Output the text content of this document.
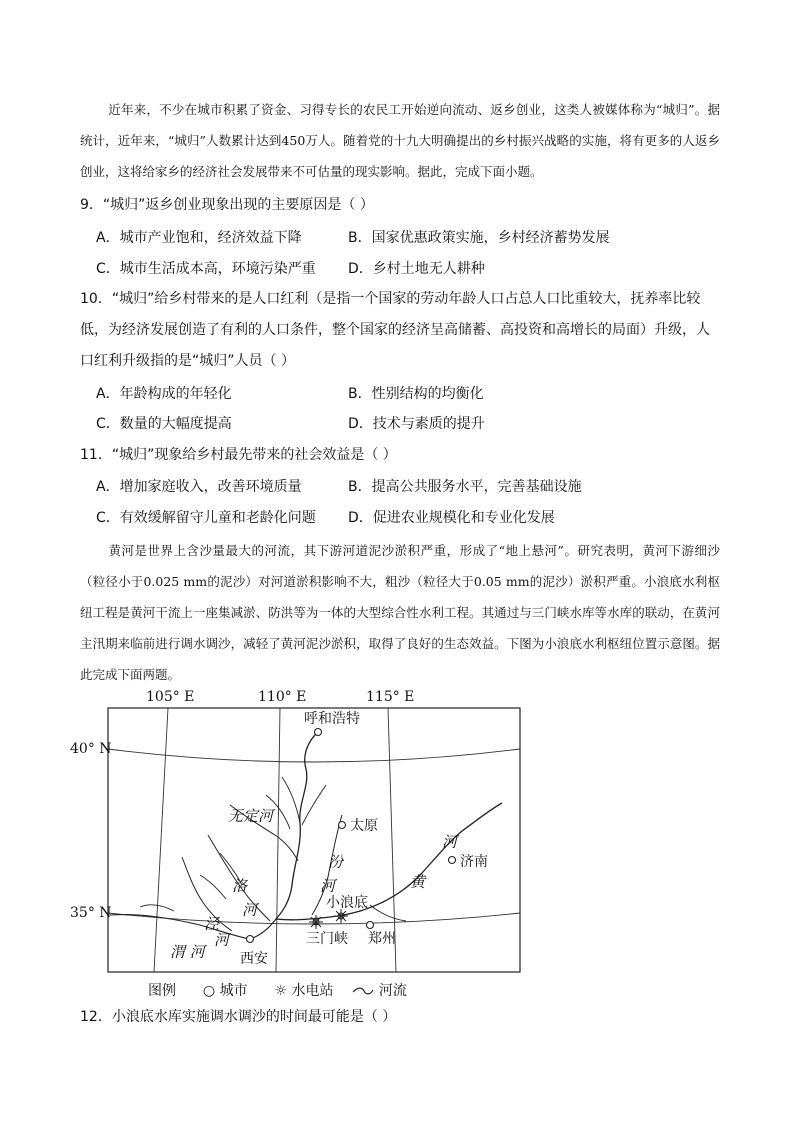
近年来，不少在城市积累了资金、习得专长的农民工开始逆向流动、返乡创业，这类人被媒体称为“城归”。据统计，近年来，“城归”人数累计达到450万人。随着党的十九大明确提出的乡村振兴战略的实施，将有更多的人返乡创业，这将给家乡的经济社会发展带来不可估量的现实影响。据此，完成下面小题。
9．“城归”返乡创业现象出现的主要原因是（ ）
A．城市产业饱和，经济效益下降	B．国家优惠政策实施，乡村经济蓄势发展
C．城市生活成本高，环境污染严重 D．乡村土地无人耕种
10．“城归”给乡村带来的是人口红利（是指一个国家的劳动年龄人口占总人口比重较大，抚养率比较低，为经济发展创造了有利的人口条件，整个国家的经济呈高储蓄、高投资和高增长的局面）升级，人口红利升级指的是“城归”人员（ ）
A．年龄构成的年轻化	B．性别结构的均衡化
C．数量的大幅度提高	D．技术与素质的提升
11．“城归”现象给乡村最先带来的社会效益是（ ）
A．增加家庭收入，改善环境质量	B．提高公共服务水平，完善基础设施
C．有效缓解留守儿童和老龄化问题 D．促进农业规模化和专业化发展
黄河是世界上含沙量最大的河流，其下游河道泥沙淤积严重，形成了“地上悬河”。研究表明，黄河下游细沙（粒径小于0.025 mm的泥沙）对河道淤积影响不大，粗沙（粒径大于0.05 mm的泥沙）淤积严重。小浪底水利枢纽工程是黄河干流上一座集减淤、防洪等为一体的大型综合性水利工程。其通过与三门峡水库等水库的联动，在黄河主汛期来临前进行调水调沙，减轻了黄河泥沙淤积，取得了良好的生态效益。下图为小浪底水利枢纽位置示意图。据此完成下面两题。
105° E	110° E	115° E
40° N
35° N
呼和浩特
太原
济南
小浪底
三门峡 郑州
西安
无定河
汾
河
洛
河
泾
河
渭 河
河
黄
图例 ○ 城市 ☼ 水电站	河流
12．小浪底水库实施调水调沙的时间最可能是（ ）
